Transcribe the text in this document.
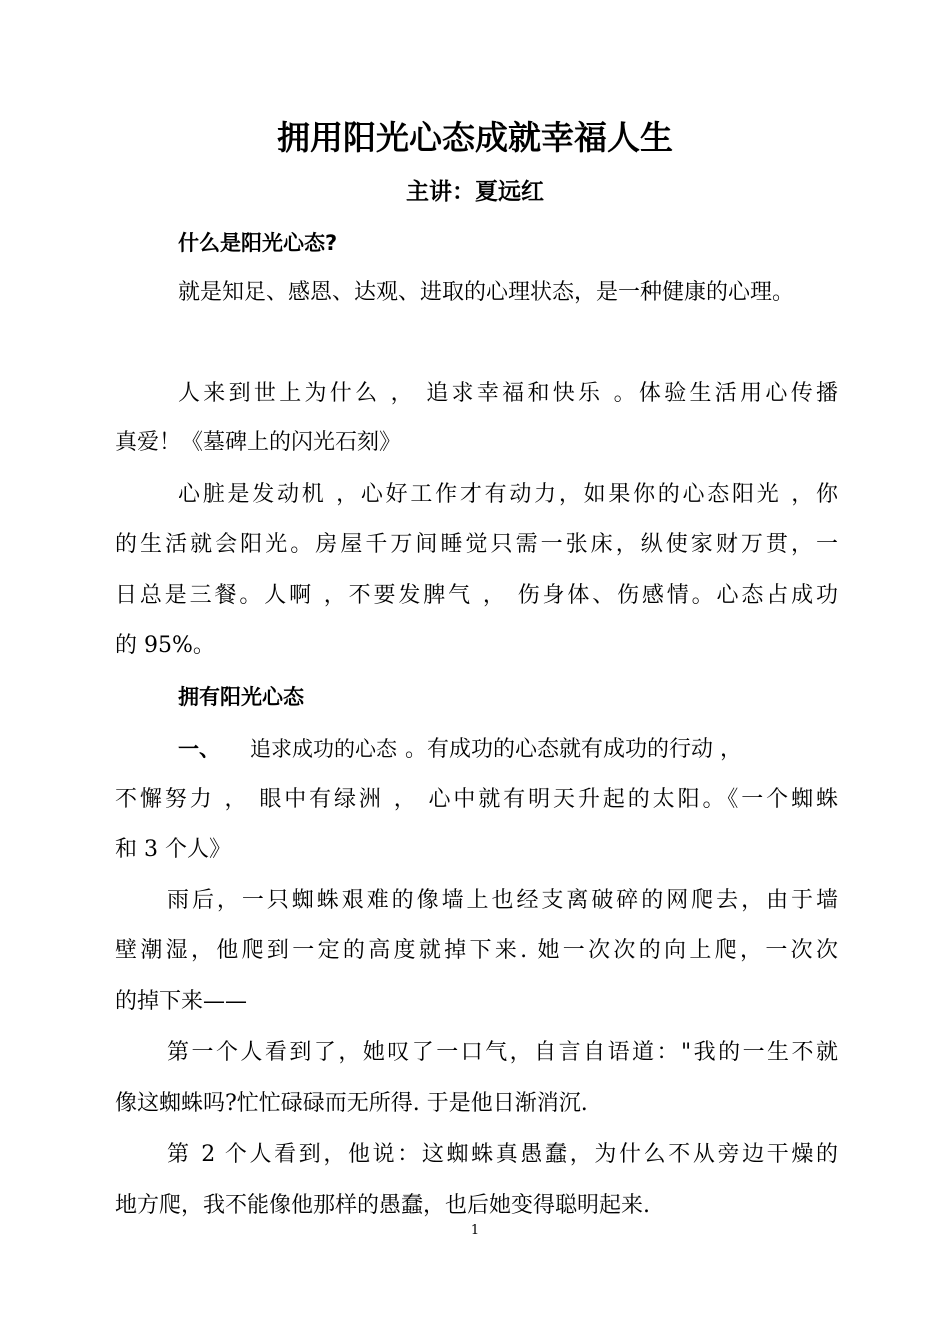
拥用阳光心态成就幸福人生
主讲：夏远红
什么是阳光心态?
就是知足、感恩、达观、进取的心理状态，是一种健康的心理。
人来到世上为什么 ， 追求幸福和快乐 。体验生活用心传播
真爱！《墓碑上的闪光石刻》
心脏是发动机 ，心好工作才有动力，如果你的心态阳光 ，你
的生活就会阳光。房屋千万间睡觉只需一张床，纵使家财万贯，一
日总是三餐。人啊 ，不要发脾气 ， 伤身体、伤感情。心态占成功
的 95%。
拥有阳光心态
一、 追求成功的心态 。有成功的心态就有成功的行动 ，
不懈努力 ， 眼中有绿洲 ， 心中就有明天升起的太阳。《一个蜘蛛
和 3 个人》
雨后，一只蜘蛛艰难的像墙上也经支离破碎的网爬去，由于墙
壁潮湿，他爬到一定的高度就掉下来. 她一次次的向上爬，一次次
的掉下来——
第一个人看到了，她叹了一口气，自言自语道："我的一生不就
像这蜘蛛吗?忙忙碌碌而无所得. 于是他日渐消沉.
第 2 个人看到，他说：这蜘蛛真愚蠢，为什么不从旁边干燥的
地方爬，我不能像他那样的愚蠢，也后她变得聪明起来.
1
